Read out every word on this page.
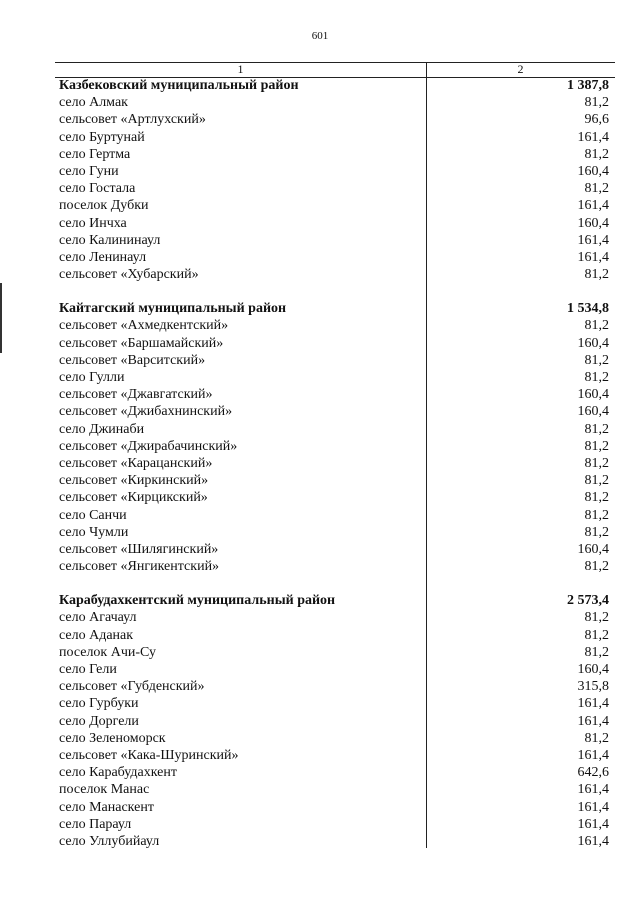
601
1	2
Казбековский муниципальный район	1 387,8
село Алмак	81,2
сельсовет «Артлухский»	96,6
село Буртунай	161,4
село Гертма	81,2
село Гуни	160,4
село Гостала	81,2
поселок Дубки	161,4
село Инчха	160,4
село Калининаул	161,4
село Ленинаул	161,4
сельсовет «Хубарский»	81,2
Кайтагский муниципальный район	1 534,8
сельсовет «Ахмедкентский»	81,2
сельсовет «Баршамайский»	160,4
сельсовет «Варситский»	81,2
село Гулли	81,2
сельсовет «Джавгатский»	160,4
сельсовет «Джибахнинский»	160,4
село Джинаби	81,2
сельсовет «Джирабачинский»	81,2
сельсовет «Карацанский»	81,2
сельсовет «Киркинский»	81,2
сельсовет «Кирцикский»	81,2
село Санчи	81,2
село Чумли	81,2
сельсовет «Шилягинский»	160,4
сельсовет «Янгикентский»	81,2
Карабудахкентский муниципальный район	2 573,4
село Агачаул	81,2
село Аданак	81,2
поселок Ачи-Су	81,2
село Гели	160,4
сельсовет «Губденский»	315,8
село Гурбуки	161,4
село Доргели	161,4
село Зеленоморск	81,2
сельсовет «Кака-Шуринский»	161,4
село Карабудахкент	642,6
поселок Манас	161,4
село Манаскент	161,4
село Параул	161,4
село Уллубийаул	161,4
